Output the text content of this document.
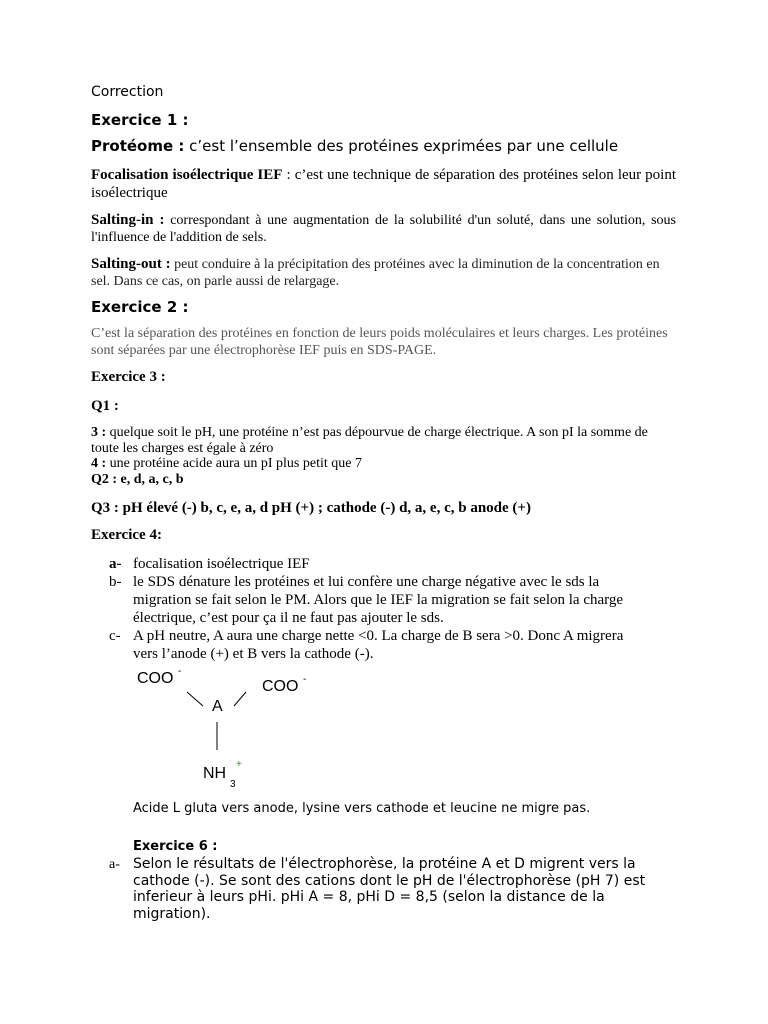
Correction
Exercice 1 :
Protéome : c’est l’ensemble des protéines exprimées par une cellule
Focalisation isoélectrique IEF : c’est une technique de séparation des protéines selon leur point isoélectrique
Salting-in : correspondant à une augmentation de la solubilité d'un soluté, dans une solution, sous l'influence de l'addition de sels.
Salting-out : peut conduire à la précipitation des protéines avec la diminution de la concentration en sel. Dans ce cas, on parle aussi de relargage.
Exercice 2 :
C’est la séparation des protéines en fonction de leurs poids moléculaires et leurs charges. Les protéines sont séparées par une électrophorèse IEF puis en SDS-PAGE.
Exercice 3 :
Q1 :
3 : quelque soit le pH, une protéine n’est pas dépourvue de charge électrique. A son pI la somme de toute les charges est égale à zéro
4 : une protéine acide aura un pI plus petit que 7
Q2 : e, d, a, c, b
Q3 : pH élevé (-) b, c, e, a, d pH (+) ; cathode (-) d, a, e, c, b anode (+)
Exercice 4:
a- focalisation isoélectrique IEF
b- le SDS dénature les protéines et lui confère une charge négative avec le sds la migration se fait selon le PM. Alors que le IEF la migration se fait selon la charge électrique, c’est pour ça il ne faut pas ajouter le sds.
c- A pH neutre, A aura une charge nette <0. La charge de B sera >0. Donc A migrera vers l’anode (+) et B vers la cathode (-).
COO -
COO -
A
NH
3
+
Acide L gluta vers anode, lysine vers cathode et leucine ne migre pas.
Exercice 6 :
a- Selon le résultats de l'électrophorèse, la protéine A et D migrent vers la cathode (-). Se sont des cations dont le pH de l'électrophorèse (pH 7) est inferieur à leurs pHi. pHi A = 8, pHi D = 8,5 (selon la distance de la migration).
